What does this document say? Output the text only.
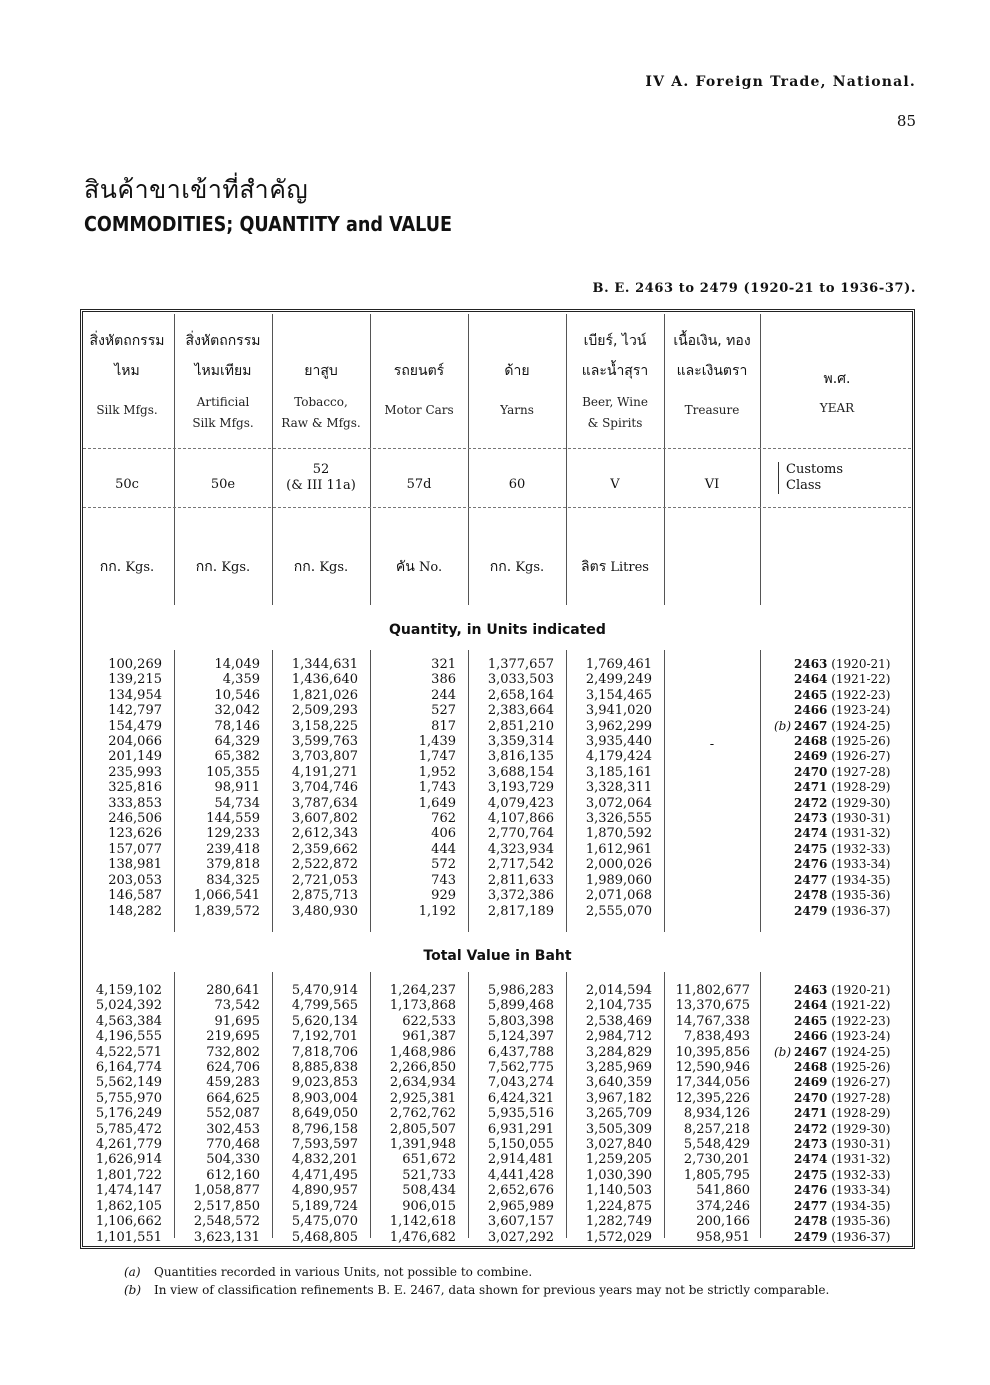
IV A. Foreign Trade, National.
85
สินค้าขาเข้าที่สำคัญ
COMMODITIES; QUANTITY and VALUE
B. E. 2463 to 2479 (1920-21 to 1936-37).
สิ่งหัตถกรรม
ไหม
Silk Mfgs.
50c
กก. Kgs.
สิ่งหัตถกรรม
ไหมเทียม
Artificial
Silk Mfgs.
50e
กก. Kgs.
ยาสูบ
Tobacco,
Raw & Mfgs.
52
(& III 11a)
กก. Kgs.
รถยนตร์
Motor Cars
57d
คัน No.
ด้าย
Yarns
60
กก. Kgs.
เบียร์, ไวน์
และน้ำสุรา
Beer, Wine
& Spirits
V
ลิตร Litres
เนื้อเงิน, ทอง
และเงินตรา
Treasure
VI
พ.ศ.
YEAR
Customs
Class
100,269
139,215
134,954
142,797
154,479
204,066
201,149
235,993
325,816
333,853
246,506
123,626
157,077
138,981
203,053
146,587
148,282
14,049
4,359
10,546
32,042
78,146
64,329
65,382
105,355
98,911
54,734
144,559
129,233
239,418
379,818
834,325
1,066,541
1,839,572
1,344,631
1,436,640
1,821,026
2,509,293
3,158,225
3,599,763
3,703,807
4,191,271
3,704,746
3,787,634
3,607,802
2,612,343
2,359,662
2,522,872
2,721,053
2,875,713
3,480,930
321
386
244
527
817
1,439
1,747
1,952
1,743
1,649
762
406
444
572
743
929
1,192
1,377,657
3,033,503
2,658,164
2,383,664
2,851,210
3,359,314
3,816,135
3,688,154
3,193,729
4,079,423
4,107,866
2,770,764
4,323,934
2,717,542
2,811,633
3,372,386
2,817,189
1,769,461
2,499,249
3,154,465
3,941,020
3,962,299
3,935,440
4,179,424
3,185,161
3,328,311
3,072,064
3,326,555
1,870,592
1,612,961
2,000,026
1,989,060
2,071,068
2,555,070
2463 (1920-21)
2464 (1921-22)
2465 (1922-23)
2466 (1923-24)
(b) 2467 (1924-25)
2468 (1925-26)
2469 (1926-27)
2470 (1927-28)
2471 (1928-29)
2472 (1929-30)
2473 (1930-31)
2474 (1931-32)
2475 (1932-33)
2476 (1933-34)
2477 (1934-35)
2478 (1935-36)
2479 (1936-37)
4,159,102
5,024,392
4,563,384
4,196,555
4,522,571
6,164,774
5,562,149
5,755,970
5,176,249
5,785,472
4,261,779
1,626,914
1,801,722
1,474,147
1,862,105
1,106,662
1,101,551
280,641
73,542
91,695
219,695
732,802
624,706
459,283
664,625
552,087
302,453
770,468
504,330
612,160
1,058,877
2,517,850
2,548,572
3,623,131
5,470,914
4,799,565
5,620,134
7,192,701
7,818,706
8,885,838
9,023,853
8,903,004
8,649,050
8,796,158
7,593,597
4,832,201
4,471,495
4,890,957
5,189,724
5,475,070
5,468,805
1,264,237
1,173,868
622,533
961,387
1,468,986
2,266,850
2,634,934
2,925,381
2,762,762
2,805,507
1,391,948
651,672
521,733
508,434
906,015
1,142,618
1,476,682
5,986,283
5,899,468
5,803,398
5,124,397
6,437,788
7,562,775
7,043,274
6,424,321
5,935,516
6,931,291
5,150,055
2,914,481
4,441,428
2,652,676
2,965,989
3,607,157
3,027,292
2,014,594
2,104,735
2,538,469
2,984,712
3,284,829
3,285,969
3,640,359
3,967,182
3,265,709
3,505,309
3,027,840
1,259,205
1,030,390
1,140,503
1,224,875
1,282,749
1,572,029
11,802,677
13,370,675
14,767,338
7,838,493
10,395,856
12,590,946
17,344,056
12,395,226
8,934,126
8,257,218
5,548,429
2,730,201
1,805,795
541,860
374,246
200,166
958,951
2463 (1920-21)
2464 (1921-22)
2465 (1922-23)
2466 (1923-24)
(b) 2467 (1924-25)
2468 (1925-26)
2469 (1926-27)
2470 (1927-28)
2471 (1928-29)
2472 (1929-30)
2473 (1930-31)
2474 (1931-32)
2475 (1932-33)
2476 (1933-34)
2477 (1934-35)
2478 (1935-36)
2479 (1936-37)
-
Quantity, in Units indicated
Total Value in Baht
(a) Quantities recorded in various Units, not possible to combine.
(b) In view of classification refinements B. E. 2467, data shown for previous years may not be strictly comparable.
